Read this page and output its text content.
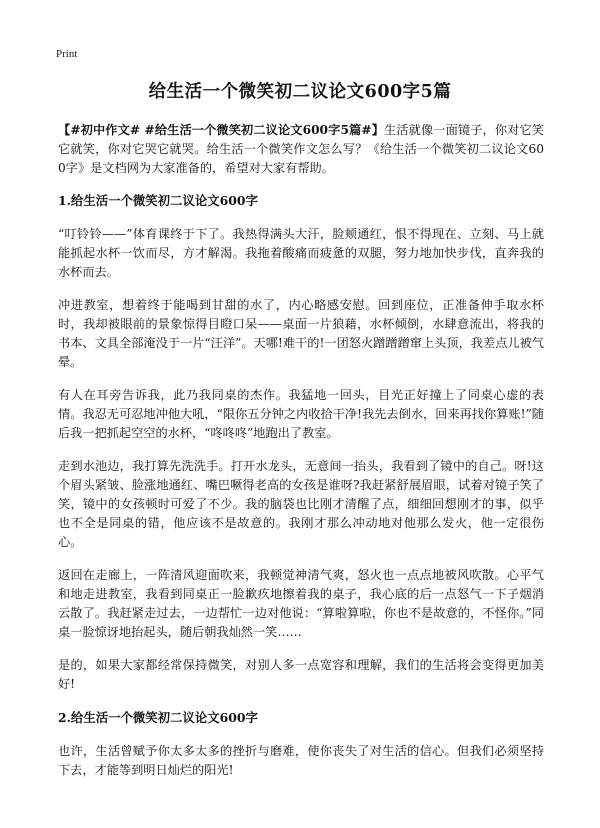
Print
给生活一个微笑初二议论文600字5篇

【#初中作文# #给生活一个微笑初二议论文600字5篇#】生活就像一面镜子，你对它笑它就笑，你对它哭它就哭。给生活一个微笑作文怎么写？《给生活一个微笑初二议论文600字》是文档网为大家准备的，希望对大家有帮助。

1.给生活一个微笑初二议论文600字

“叮铃铃——”体育课终于下了。我热得满头大汗，脸颊通红，恨不得现在、立刻、马上就能抓起水杯一饮而尽，方才解渴。我拖着酸痛而疲惫的双腿，努力地加快步伐，直奔我的水杯而去。

冲进教室，想着终于能喝到甘甜的水了，内心略感安慰。回到座位，正准备伸手取水杯时，我却被眼前的景象惊得目瞪口呆——桌面一片狼藉，水杯倾倒，水肆意流出，将我的书本、文具全部淹没于一片“汪洋”。天哪!难干的!一团怒火蹭蹭蹭窜上头顶，我差点儿被气晕。

有人在耳旁告诉我，此乃我同桌的杰作。我猛地一回头，目光正好撞上了同桌心虚的表情。我忍无可忍地冲他大吼，“限你五分钟之内收拾干净!我先去倒水，回来再找你算账!”随后我一把抓起空空的水杯，“咚咚咚”地跑出了教室。

走到水池边，我打算先洗洗手。打开水龙头，无意间一抬头，我看到了镜中的自己。呀!这个眉头紧皱、脸涨地通红、嘴巴噘得老高的女孩是谁呀?我赶紧舒展眉眼，试着对镜子笑了笑，镜中的女孩顿时可爱了不少。我的脑袋也比刚才清醒了点，细细回想刚才的事，似乎也不全是同桌的错，他应该不是故意的。我刚才那么冲动地对他那么发火，他一定很伤心。

返回在走廊上，一阵清风迎面吹来，我顿觉神清气爽，怒火也一点点地被风吹散。心平气和地走进教室，我看到同桌正一脸歉疚地擦着我的桌子，我心底的后一点怒气一下子烟消云散了。我赶紧走过去，一边帮忙一边对他说：“算啦算啦，你也不是故意的，不怪你。”同桌一脸惊讶地抬起头，随后朝我灿然一笑……

是的，如果大家都经常保持微笑，对别人多一点宽容和理解，我们的生活将会变得更加美好!

2.给生活一个微笑初二议论文600字

也许，生活曾赋予你太多太多的挫折与磨难，使你丧失了对生活的信心。但我们必须坚持下去，才能等到明日灿烂的阳光!
